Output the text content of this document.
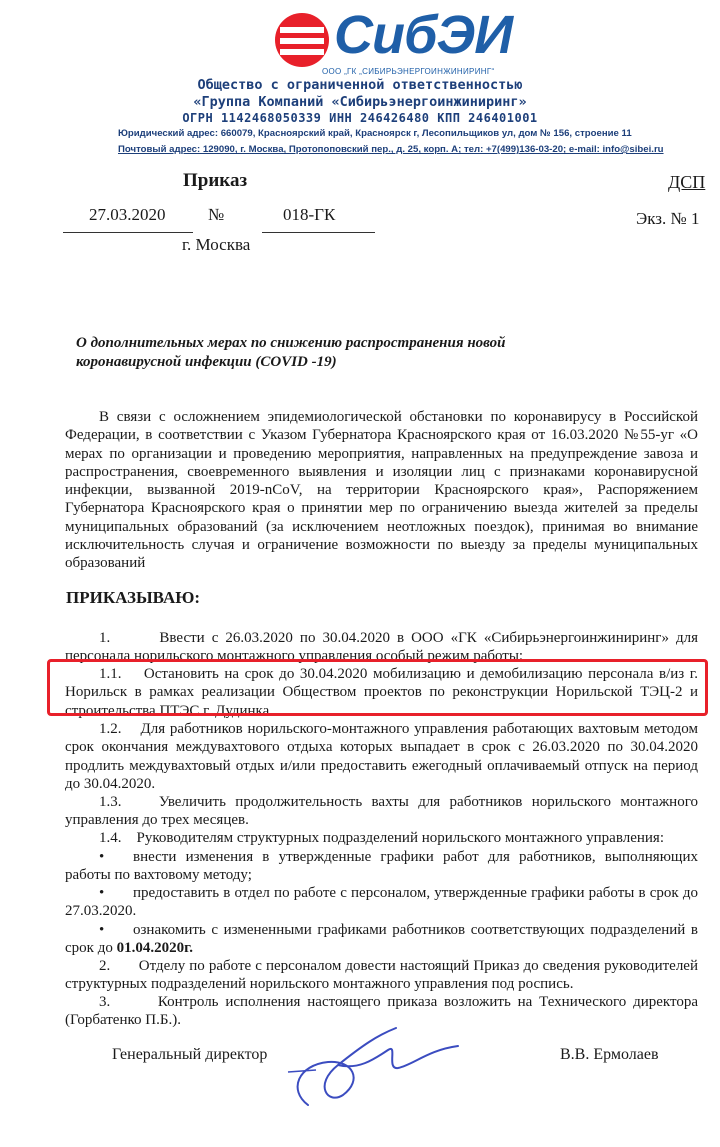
СибЭИ
ООО „ГК „СИБИРЬЭНЕРГОИНЖИНИРИНГ“
Общество с ограниченной ответственностью
«Группа Компаний «Сибирьэнергоинжиниринг»
ОГРН 1142468050339 ИНН 246426480 КПП 246401001
Юридический адрес: 660079, Красноярский край, Красноярск г, Лесопильщиков ул, дом № 156, строение 11
Почтовый адрес: 129090, г. Москва, Протопоповский пер., д. 25, корп. А; тел: +7(499)136-03-20; e-mail: info@sibei.ru
Приказ	ДСП
27.03.2020	№	018-ГК	Экз. № 1
г. Москва
О дополнительных мерах по снижению распространения новой коронавирусной инфекции (COVID -19)
В связи с осложнением эпидемиологической обстановки по коронавирусу в Российской Федерации, в соответствии с Указом Губернатора Красноярского края от 16.03.2020 №55-уг «О мерах по организации и проведению мероприятия, направленных на предупреждение завоза и распространения, своевременного выявления и изоляции лиц с признаками коронавирусной инфекции, вызванной 2019-nCoV, на территории Красноярского края», Распоряжением Губернатора Красноярского края о принятии мер по ограничению выезда жителей за пределы муниципальных образований (за исключением неотложных поездок), принимая во внимание исключительность случая и ограничение возможности по выезду за пределы муниципальных образований
ПРИКАЗЫВАЮ:
1.       Ввести с 26.03.2020 по 30.04.2020 в ООО «ГК «Сибирьэнергоинжиниринг» для персонала норильского монтажного управления особый режим работы:
1.1.    Остановить на срок до 30.04.2020 мобилизацию и демобилизацию персонала в/из г. Норильск в рамках реализации Обществом проектов по реконструкции Норильской ТЭЦ-2 и строительства ПТЭС г. Дудинка.
1.2.    Для работников норильского-монтажного управления работающих вахтовым методом срок окончания междувахтового отдыха которых выпадает в срок с 26.03.2020 по 30.04.2020 продлить междувахтовый отдых и/или предоставить ежегодный оплачиваемый отпуск на период до 30.04.2020.
1.3.    Увеличить продолжительность вахты для работников норильского монтажного управления до трех месяцев.
1.4.    Руководителям структурных подразделений норильского монтажного управления:
• внести изменения в утвержденные графики работ для работников, выполняющих работы по вахтовому методу;
• предоставить в отдел по работе с персоналом, утвержденные графики работы в срок до 27.03.2020.
• ознакомить с измененными графиками работников соответствующих подразделений в срок до 01.04.2020г.
2.       Отделу по работе с персоналом довести настоящий Приказ до сведения руководителей структурных подразделений норильского монтажного управления под роспись.
3.       Контроль исполнения настоящего приказа возложить на Технического директора (Горбатенко П.Б.).
Генеральный директор	В.В. Ермолаев
